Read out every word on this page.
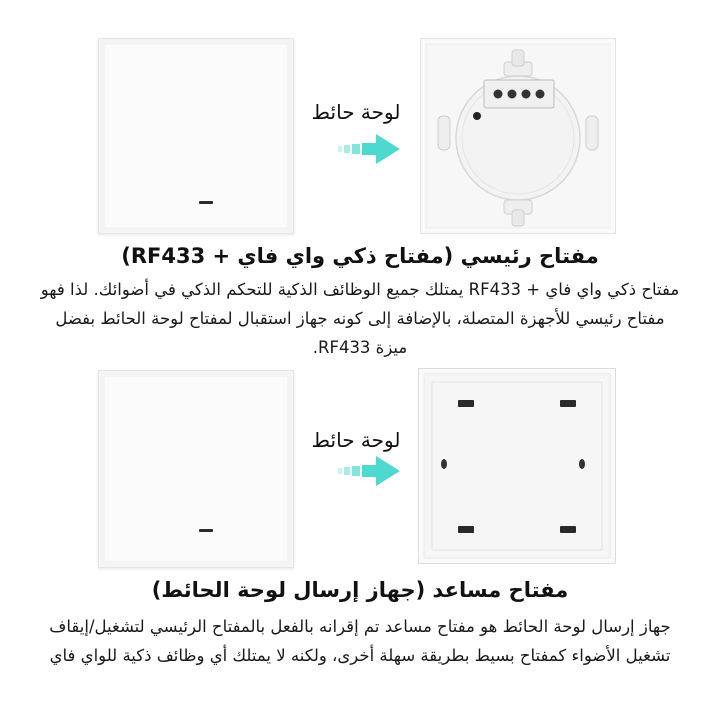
لوحة حائط
مفتاح رئيسي (مفتاح ذكي واي فاي + RF433)
مفتاح ذكي واي فاي + RF433 يمتلك جميع الوظائف الذكية للتحكم الذكي في أضوائك. لذا فهو مفتاح رئيسي للأجهزة المتصلة، بالإضافة إلى كونه جهاز استقبال لمفتاح لوحة الحائط بفضل ميزة RF433.
لوحة حائط
مفتاح مساعد (جهاز إرسال لوحة الحائط)
جهاز إرسال لوحة الحائط هو مفتاح مساعد تم إقرانه بالفعل بالمفتاح الرئيسي لتشغيل/إيقاف تشغيل الأضواء كمفتاح بسيط بطريقة سهلة أخرى، ولكنه لا يمتلك أي وظائف ذكية للواي فاي
